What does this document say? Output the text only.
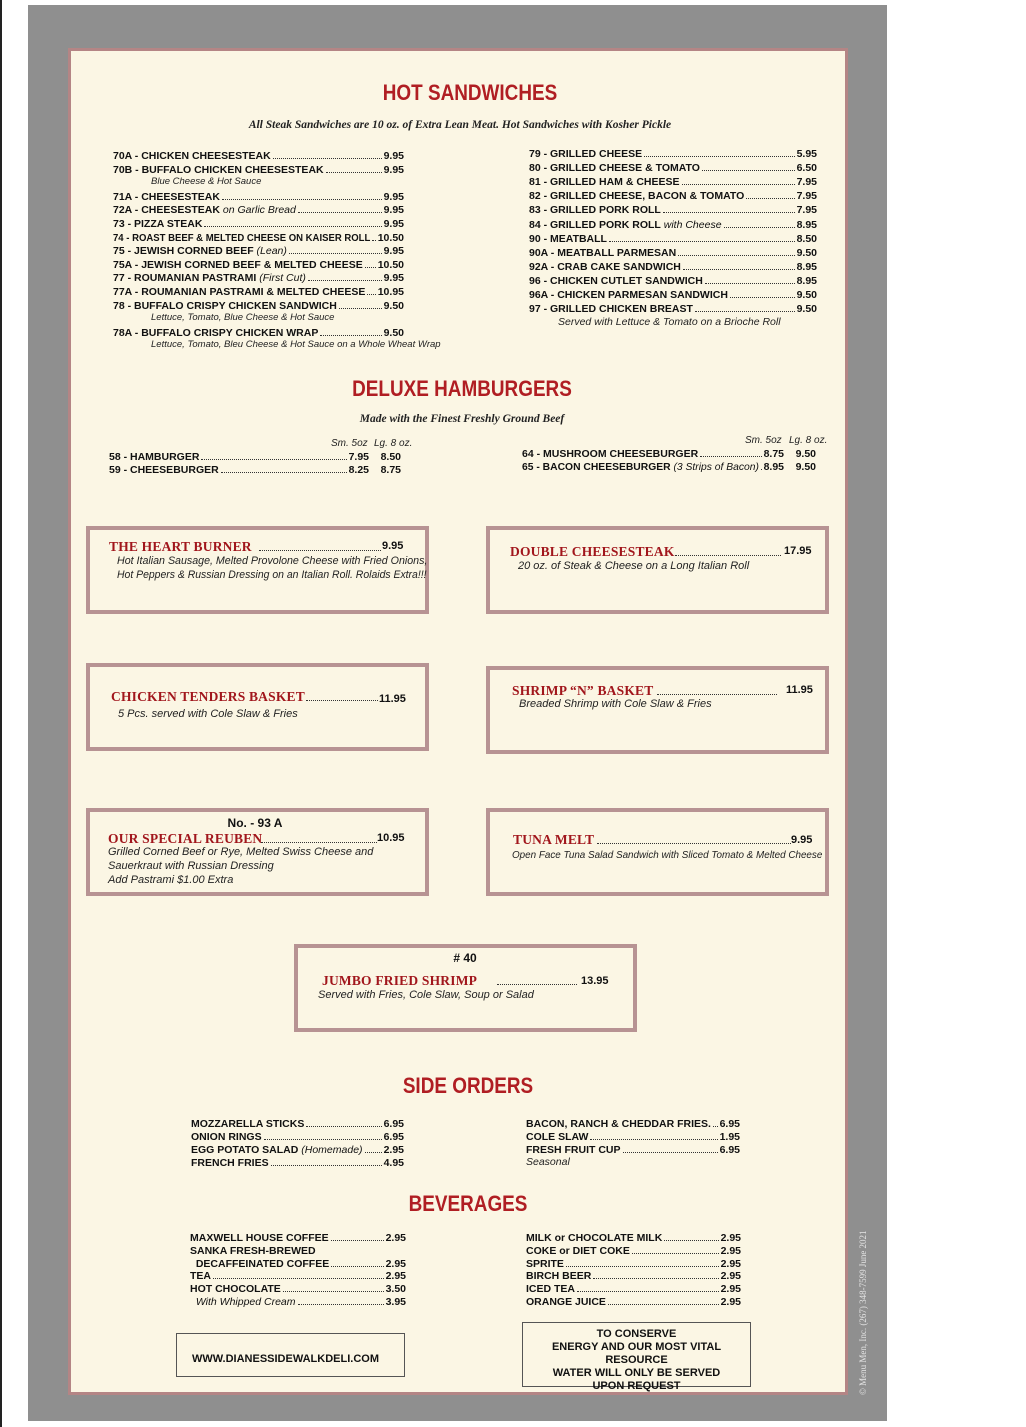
© Menu Men, Inc. (267) 348-7599 June 2021
HOT SANDWICHES
All Steak Sandwiches are 10 oz. of Extra Lean Meat. Hot Sandwiches with Kosher Pickle
70A - CHICKEN CHEESESTEAK	9.95
70B - BUFFALO CHICKEN CHEESESTEAK	9.95
Blue Cheese & Hot Sauce
71A - CHEESESTEAK	9.95
72A - CHEESESTEAK on Garlic Bread	9.95
73 - PIZZA STEAK	9.95
74 - ROAST BEEF & MELTED CHEESE ON KAISER ROLL 10.50
75 - JEWISH CORNED BEEF (Lean)	9.95
75A - JEWISH CORNED BEEF & MELTED CHEESE 10.50
77 - ROUMANIAN PASTRAMI (First Cut)	9.95
77A - ROUMANIAN PASTRAMI & MELTED CHEESE 10.95
78 - BUFFALO CRISPY CHICKEN SANDWICH	9.50
Lettuce, Tomato, Blue Cheese & Hot Sauce
78A - BUFFALO CRISPY CHICKEN WRAP	9.50
Lettuce, Tomato, Bleu Cheese & Hot Sauce on a Whole Wheat Wrap
79 - GRILLED CHEESE	5.95
80 - GRILLED CHEESE & TOMATO	6.50
81 - GRILLED HAM & CHEESE	7.95
82 - GRILLED CHEESE, BACON & TOMATO	7.95
83 - GRILLED PORK ROLL	7.95
84 - GRILLED PORK ROLL with Cheese	8.95
90 - MEATBALL	8.50
90A - MEATBALL PARMESAN	9.50
92A - CRAB CAKE SANDWICH	8.95
96 - CHICKEN CUTLET SANDWICH	8.95
96A - CHICKEN PARMESAN SANDWICH	9.50
97 - GRILLED CHICKEN BREAST	9.50
Served with Lettuce & Tomato on a Brioche Roll
DELUXE HAMBURGERS
Made with the Finest Freshly Ground Beef
Sm. 5oz Lg. 8 oz.	Sm. 5oz Lg. 8 oz.
58 - HAMBURGER	7.95	8.50
59 - CHEESEBURGER	8.25	8.75
64 - MUSHROOM CHEESEBURGER	8.75	9.50
65 - BACON CHEESEBURGER (3 Strips of Bacon) 8.95	9.50
THE HEART BURNER	9.95
Hot Italian Sausage, Melted Provolone Cheese with Fried Onions,
Hot Peppers & Russian Dressing on an Italian Roll. Rolaids Extra!!!
DOUBLE CHEESESTEAK	17.95
20 oz. of Steak & Cheese on a Long Italian Roll
CHICKEN TENDERS BASKET	11.95
5 Pcs. served with Cole Slaw & Fries
SHRIMP “N” BASKET	11.95
Breaded Shrimp with Cole Slaw & Fries
No. - 93 A
OUR SPECIAL REUBEN	10.95
Grilled Corned Beef or Rye, Melted Swiss Cheese and
Sauerkraut with Russian Dressing
Add Pastrami $1.00 Extra
TUNA MELT	9.95
Open Face Tuna Salad Sandwich with Sliced Tomato & Melted Cheese
# 40
JUMBO FRIED SHRIMP	13.95
Served with Fries, Cole Slaw, Soup or Salad
SIDE ORDERS
MOZZARELLA STICKS	6.95
ONION RINGS	6.95
EGG POTATO SALAD (Homemade) 2.95
FRENCH FRIES	4.95
BACON, RANCH & CHEDDAR FRIES. 6.95
COLE SLAW	1.95
FRESH FRUIT CUP	6.95
Seasonal
BEVERAGES
MAXWELL HOUSE COFFEE	2.95
SANKA FRESH-BREWED
DECAFFEINATED COFFEE	2.95
TEA	2.95
HOT CHOCOLATE	3.50
With Whipped Cream	3.95
MILK or CHOCOLATE MILK	2.95
COKE or DIET COKE	2.95
SPRITE	2.95
BIRCH BEER	2.95
ICED TEA	2.95
ORANGE JUICE	2.95
WWW.DIANESSIDEWALKDELI.COM
TO CONSERVE
ENERGY AND OUR MOST VITAL RESOURCE
WATER WILL ONLY BE SERVED
UPON REQUEST
